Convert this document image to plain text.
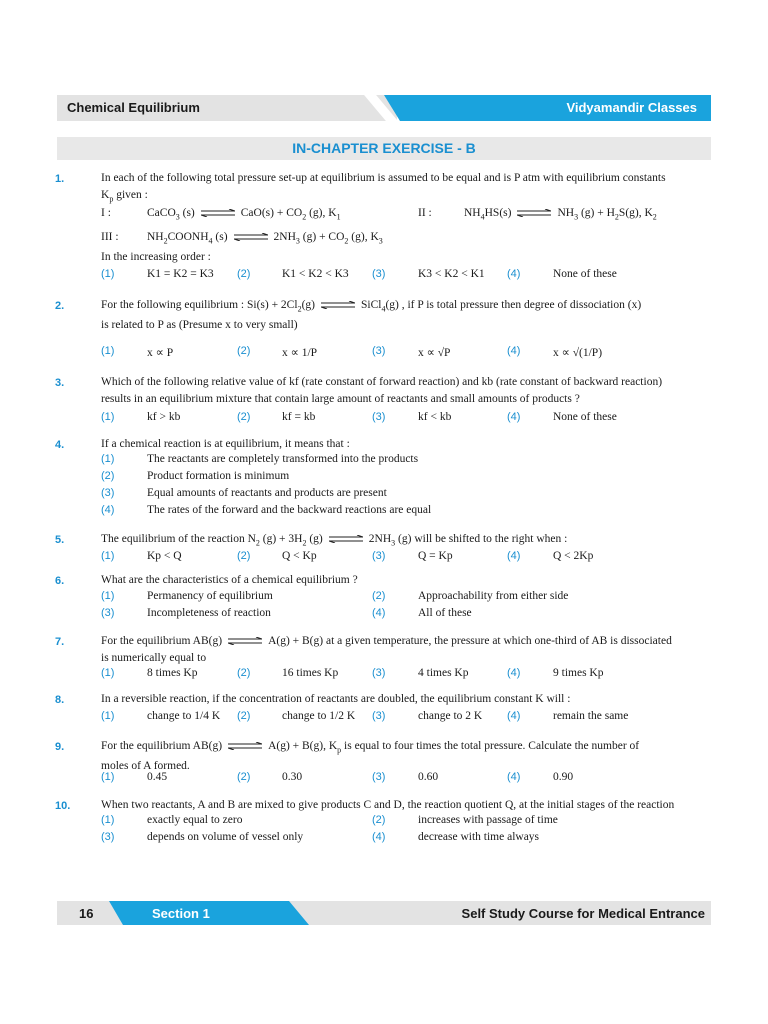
Chemical Equilibrium	Vidyamandir Classes
IN-CHAPTER EXERCISE - B
1.	In each of the following total pressure set-up at equilibrium is assumed to be equal and is P atm with equilibrium constants
$K_p$ given :
I :	CaCO$_3$ (s) ⇌ $CaO(s) + CO_2$ (g), $K_1$	II :	$NH_4HS(s)$ ⇌ $NH_3$ $(g) + H_2S(g)$, $K_2$
III : $NH_2COONH_4$ (s) ⇌ $2NH_3$ $(g) + CO_2$ (g), $K_3$
In the increasing order :
(1)	K1 = K2 = K3 (2)	K1 < K2 < K3 (3)	K3 < K2 < K1 (4)	None of these
2.	For the following equilibrium : $Si(s) + 2Cl_2(g)$ ⇌ SiCl$_4$(g) , if P is total pressure then degree of dissociation (x)
is related to P as (Presume x to very small)
(1)	x ∝ P	(2)	x ∝ 1/P	(3)	x ∝ √P	(4)	x ∝ √(1/P)
3.	Which of the following relative value of kf (rate constant of forward reaction) and kb (rate constant of backward reaction)
results in an equilibrium mixture that contain large amount of reactants and small amounts of products ?
(1)	kf > kb	(2)	kf = kb	(3)	kf < kb	(4)	None of these
4.	If a chemical reaction is at equilibrium, it means that :
(1)	The reactants are completely transformed into the products
(2)	Product formation is minimum
(3)	Equal amounts of reactants and products are present
(4)	The rates of the forward and the backward reactions are equal
5.	The equilibrium of the reaction $N_2$ $(g) + 3H_2$ (g) ⇌ $2NH_3$ (g) will be shifted to the right when :
(1)	Kp < Q	(2)	Q < Kp	(3)	Q = Kp	(4)	Q < 2Kp
6.	What are the characteristics of a chemical equilibrium ?
(1)	Permanency of equilibrium	(2)	Approachability from either side
(3)	Incompleteness of reaction	(4)	All of these
7.	For the equilibrium AB(g) ⇌ A(g) + B(g) at a given temperature, the pressure at which one-third of AB is dissociated
is numerically equal to
(1)	8 times Kp	(2)	16 times Kp	(3)	4 times Kp	(4)	9 times Kp
8.	In a reversible reaction, if the concentration of reactants are doubled, the equilibrium constant K will :
(1)	change to 1/4 K (2)	change to 1/2 K (3)	change to 2 K (4)	remain the same
9.	For the equilibrium AB(g) ⇌ A(g) + B(g), $K_p$ is equal to four times the total pressure. Calculate the number of
moles of A formed.
(1)	0.45	(2)	0.30	(3)	0.60	(4)	0.90
10.	When two reactants, A and B are mixed to give products C and D, the reaction quotient Q, at the initial stages of the reaction
(1)	exactly equal to zero	(2)	increases with passage of time
(3)	depends on volume of vessel only	(4)	decrease with time always
16	Section 1	Self Study Course for Medical Entrance
